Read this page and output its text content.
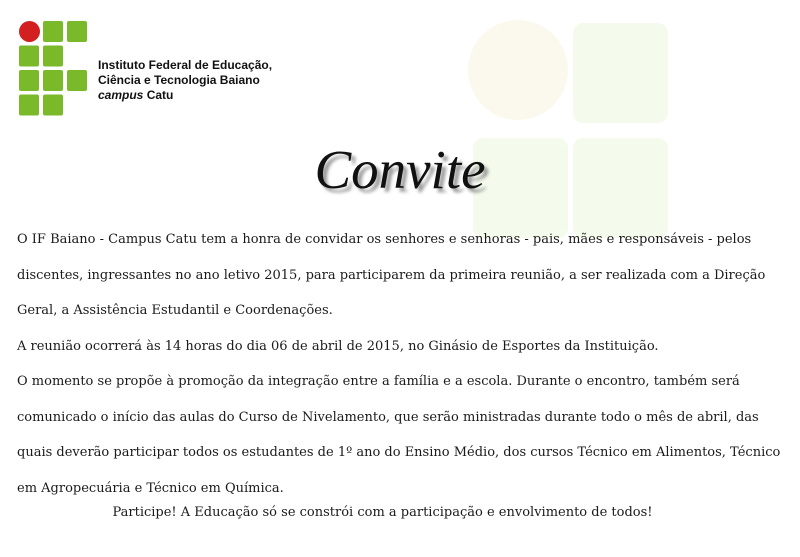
Instituto Federal de Educação,
Ciência e Tecnologia Baiano
campus Catu
Convite

O IF Baiano - Campus Catu tem a honra de convidar os senhores e senhoras - pais, mães e responsáveis - pelos discentes, ingressantes no ano letivo 2015, para participarem da primeira reunião, a ser realizada com a Direção Geral, a Assistência Estudantil e Coordenações.

A reunião ocorrerá às 14 horas do dia 06 de abril de 2015, no Ginásio de Esportes da Instituição.

O momento se propõe à promoção da integração entre a família e a escola. Durante o encontro, também será comunicado o início das aulas do Curso de Nivelamento, que serão ministradas durante todo o mês de abril, das quais deverão participar todos os estudantes de 1º ano do Ensino Médio, dos cursos Técnico em Alimentos, Técnico em Agropecuária e Técnico em Química.

Participe! A Educação só se constrói com a participação e envolvimento de todos!
